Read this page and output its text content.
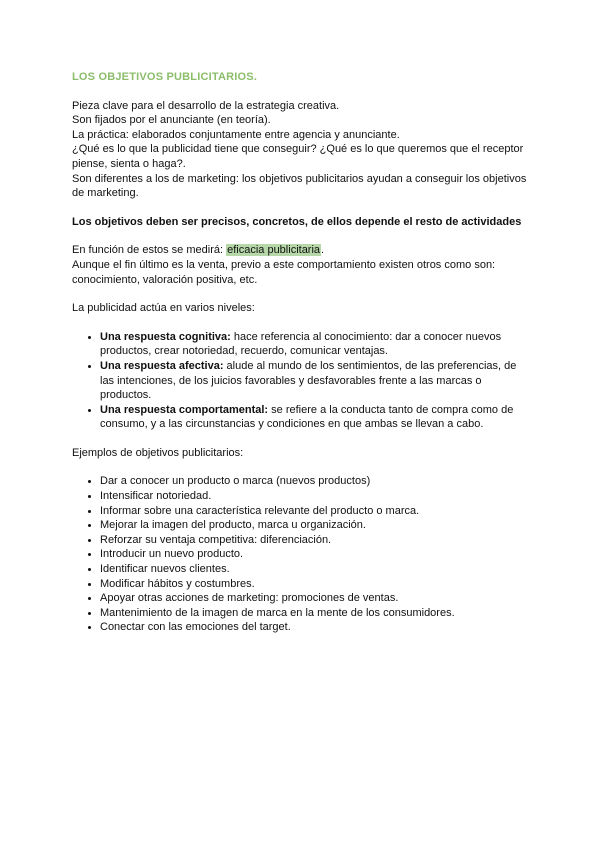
LOS OBJETIVOS PUBLICITARIOS.

Pieza clave para el desarrollo de la estrategia creativa.

Son fijados por el anunciante (en teoría).

La práctica: elaborados conjuntamente entre agencia y anunciante.

¿Qué es lo que la publicidad tiene que conseguir? ¿Qué es lo que queremos que el receptor piense, sienta o haga?.

Son diferentes a los de marketing: los objetivos publicitarios ayudan a conseguir los objetivos de marketing.

Los objetivos deben ser precisos, concretos, de ellos depende el resto de actividades

En función de estos se medirá: eficacia publicitaria.

Aunque el fin último es la venta, previo a este comportamiento existen otros como son: conocimiento, valoración positiva, etc.

La publicidad actúa en varios niveles:
• Una respuesta cognitiva: hace referencia al conocimiento: dar a conocer nuevos productos, crear notoriedad, recuerdo, comunicar ventajas.
• Una respuesta afectiva: alude al mundo de los sentimientos, de las preferencias, de las intenciones, de los juicios favorables y desfavorables frente a las marcas o productos.
• Una respuesta comportamental: se refiere a la conducta tanto de compra como de consumo, y a las circunstancias y condiciones en que ambas se llevan a cabo.
Ejemplos de objetivos publicitarios:
• Dar a conocer un producto o marca (nuevos productos)
• Intensificar notoriedad.
• Informar sobre una característica relevante del producto o marca.
• Mejorar la imagen del producto, marca u organización.
• Reforzar su ventaja competitiva: diferenciación.
• Introducir un nuevo producto.
• Identificar nuevos clientes.
• Modificar hábitos y costumbres.
• Apoyar otras acciones de marketing: promociones de ventas.
• Mantenimiento de la imagen de marca en la mente de los consumidores.
• Conectar con las emociones del target.
